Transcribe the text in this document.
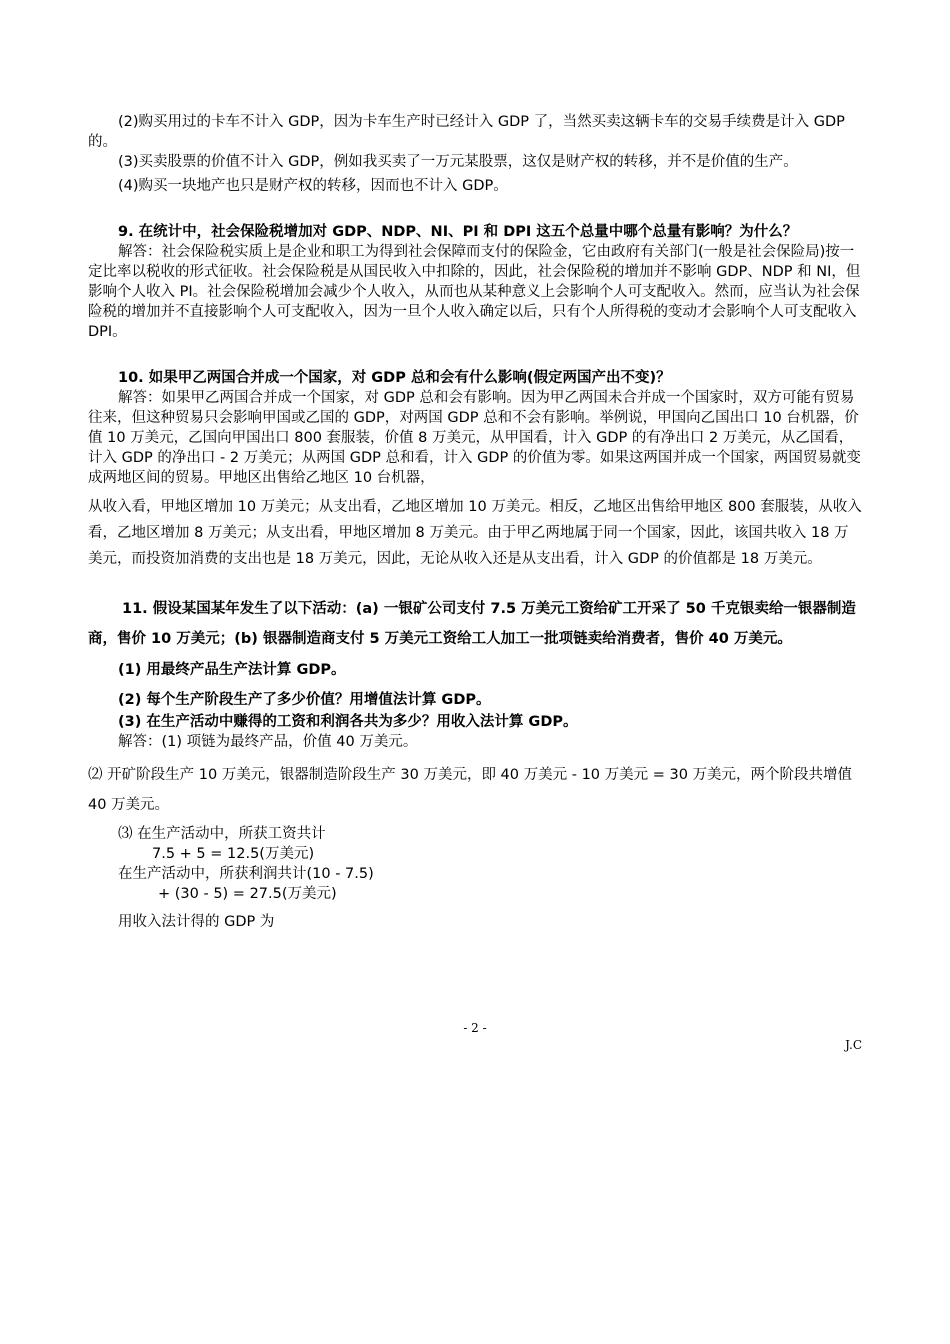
(2)购买用过的卡车不计入 GDP，因为卡车生产时已经计入 GDP 了，当然买卖这辆卡车的交易手续费是计入 GDP 的。

(3)买卖股票的价值不计入 GDP，例如我买卖了一万元某股票，这仅是财产权的转移，并不是价值的生产。

(4)购买一块地产也只是财产权的转移，因而也不计入 GDP。

9. 在统计中，社会保险税增加对 GDP、NDP、NI、PI 和 DPI 这五个总量中哪个总量有影响？为什么？

解答：社会保险税实质上是企业和职工为得到社会保障而支付的保险金，它由政府有关部门(一般是社会保险局)按一定比率以税收的形式征收。社会保险税是从国民收入中扣除的，因此，社会保险税的增加并不影响 GDP、NDP 和 NI，但影响个人收入 PI。社会保险税增加会减少个人收入，从而也从某种意义上会影响个人可支配收入。然而，应当认为社会保险税的增加并不直接影响个人可支配收入，因为一旦个人收入确定以后，只有个人所得税的变动才会影响个人可支配收入 DPI。

10. 如果甲乙两国合并成一个国家，对 GDP 总和会有什么影响(假定两国产出不变)？

解答：如果甲乙两国合并成一个国家，对 GDP 总和会有影响。因为甲乙两国未合并成一个国家时，双方可能有贸易往来，但这种贸易只会影响甲国或乙国的 GDP，对两国 GDP 总和不会有影响。举例说，甲国向乙国出口 10 台机器，价值 10 万美元，乙国向甲国出口 800 套服装，价值 8 万美元，从甲国看，计入 GDP 的有净出口 2 万美元，从乙国看，计入 GDP 的净出口 - 2 万美元；从两国 GDP 总和看，计入 GDP 的价值为零。如果这两国并成一个国家，两国贸易就变成两地区间的贸易。甲地区出售给乙地区 10 台机器，

从收入看，甲地区增加 10 万美元；从支出看，乙地区增加 10 万美元。相反，乙地区出售给甲地区 800 套服装，从收入看，乙地区增加 8 万美元；从支出看，甲地区增加 8 万美元。由于甲乙两地属于同一个国家，因此，该国共收入 18 万美元，而投资加消费的支出也是 18 万美元，因此，无论从收入还是从支出看，计入 GDP 的价值都是 18 万美元。

11. 假设某国某年发生了以下活动：(a) 一银矿公司支付 7.5 万美元工资给矿工开采了 50 千克银卖给一银器制造商，售价 10 万美元；(b) 银器制造商支付 5 万美元工资给工人加工一批项链卖给消费者，售价 40 万美元。

(1) 用最终产品生产法计算 GDP。

(2) 每个生产阶段生产了多少价值？用增值法计算 GDP。

(3) 在生产活动中赚得的工资和利润各共为多少？用收入法计算 GDP。

解答：(1) 项链为最终产品，价值 40 万美元。

⑵ 开矿阶段生产 10 万美元，银器制造阶段生产 30 万美元，即 40 万美元 - 10 万美元 = 30 万美元，两个阶段共增值 40 万美元。

⑶ 在生产活动中，所获工资共计

7.5 + 5 = 12.5(万美元)

在生产活动中，所获利润共计(10 - 7.5)

+ (30 - 5) = 27.5(万美元)

用收入法计得的 GDP 为

- 2 -
J.C
